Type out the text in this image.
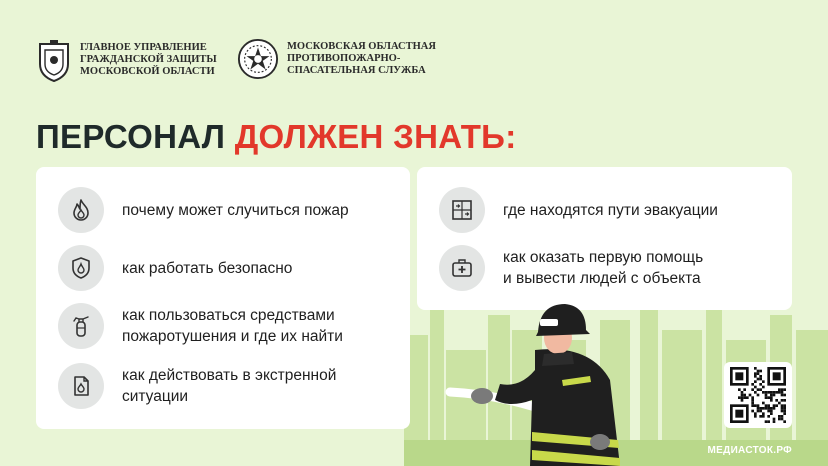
ГЛАВНОЕ УПРАВЛЕНИЕ
ГРАЖДАНСКОЙ ЗАЩИТЫ
МОСКОВСКОЙ ОБЛАСТИ
МОСКОВСКАЯ ОБЛАСТНАЯ
ПРОТИВОПОЖАРНО-
СПАСАТЕЛЬНАЯ СЛУЖБА
ПЕРСОНАЛ ДОЛЖЕН ЗНАТЬ:
почему может случиться пожар
как работать безопасно
как пользоваться средствами
пожаротушения и где их найти
как действовать в экстренной
ситуации
где находятся пути эвакуации
как оказать первую помощь
и вывести людей с объекта
МЕДИАСТОК.РФ
